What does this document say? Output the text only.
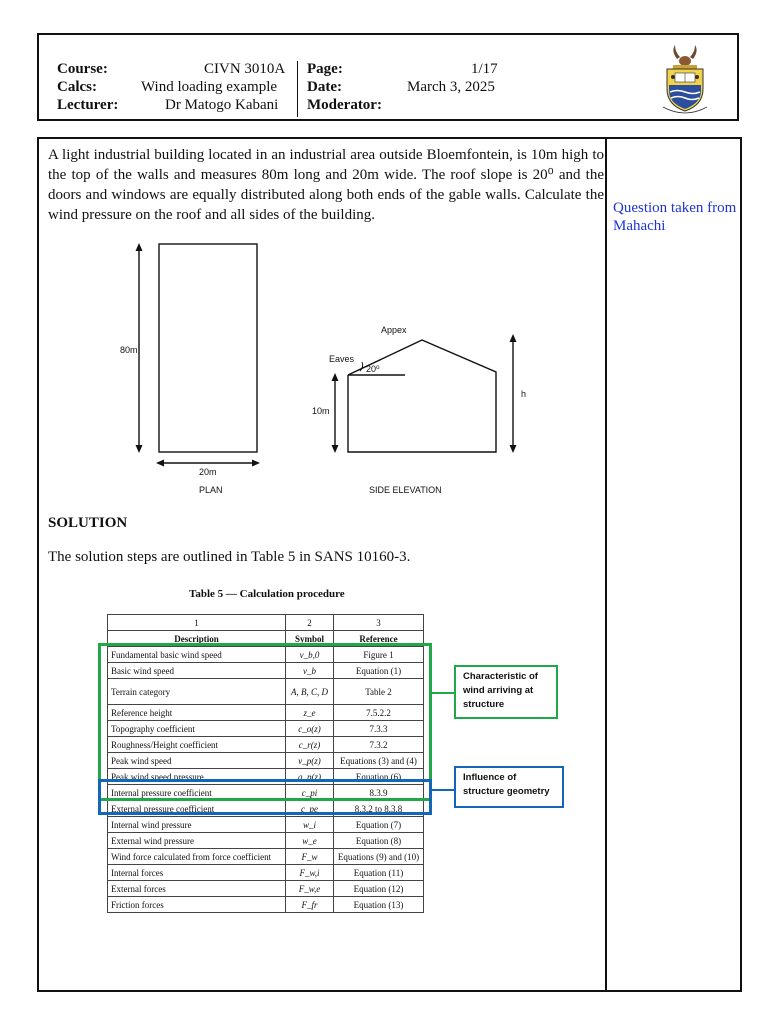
Course:	CIVN 3010A
Calcs:	Wind loading example
Lecturer:	Dr Matogo Kabani
Page:	1/17
Date:	March 3, 2025
Moderator:
A light industrial building located in an industrial area outside Bloemfontein, is 10m high to the top of the walls and measures 80m long and 20m wide. The roof slope is 20⁰ and the doors and windows are equally distributed along both ends of the gable walls. Calculate the wind pressure on the roof and all sides of the building.	Question taken from Mahachi
80m
20m
PLAN
Appex
Eaves
20⁰
10m
h
SIDE ELEVATION
SOLUTION
The solution steps are outlined in Table 5 in SANS 10160-3.
Table 5 — Calculation procedure
1	2	3
Description	Symbol	Reference
Fundamental basic wind speed	v_b,0	Figure 1
Basic wind speed	v_b	Equation (1)
Terrain category	A, B, C, D	Table 2
Reference height	z_e	7.5.2.2
Topography coefficient	c_o(z)	7.3.3
Roughness/Height coefficient	c_r(z)	7.3.2
Peak wind speed	v_p(z)	Equations (3) and (4)
Peak wind speed pressure	q_p(z)	Equation (6)
Internal pressure coefficient	c_pi	8.3.9
External pressure coefficient	c_pe	8.3.2 to 8.3.8
Internal wind pressure	w_i	Equation (7)
External wind pressure	w_e	Equation (8)
Wind force calculated from force coefficient	F_w	Equations (9) and (10)
Internal forces	F_w,i	Equation (11)
External forces	F_w,e	Equation (12)
Friction forces	F_fr	Equation (13)
Characteristic of wind arriving at structure
Influence of structure geometry
